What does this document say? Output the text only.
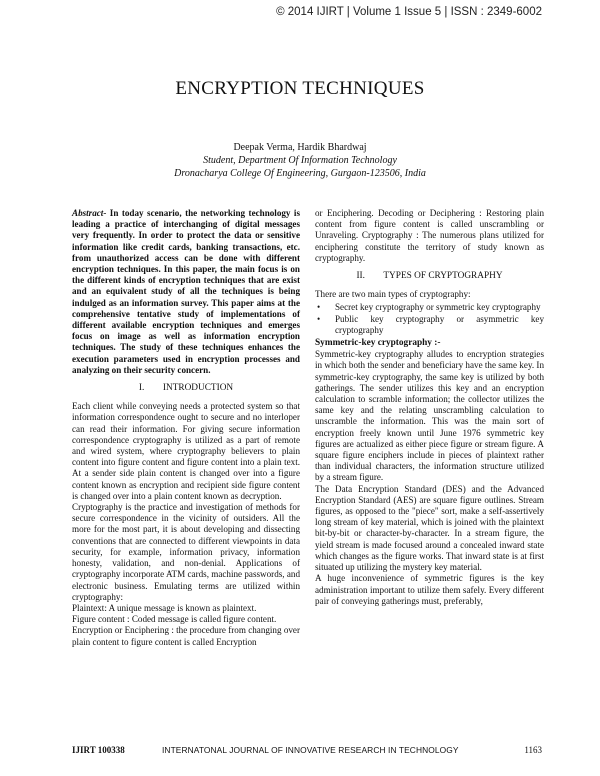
© 2014 IJIRT | Volume 1 Issue 5 | ISSN : 2349-6002
ENCRYPTION TECHNIQUES
Deepak Verma, Hardik Bhardwaj
Student, Department Of Information Technology
Dronacharya College Of Engineering, Gurgaon-123506, India

Abstract- In today scenario, the networking technology is leading a practice of interchanging of digital messages very frequently. In order to protect the data or sensitive information like credit cards, banking transactions, etc. from unauthorized access can be done with different encryption techniques. In this paper, the main focus is on the different kinds of encryption techniques that are exist and an equivalent study of all the techniques is being indulged as an information survey. This paper aims at the comprehensive tentative study of implementations of different available encryption techniques and emerges focus on image as well as information encryption techniques. The study of these techniques enhances the execution parameters used in encryption processes and analyzing on their security concern.

I.        INTRODUCTION

Each client while conveying needs a protected system so that information correspondence ought to secure and no interloper can read their information. For giving secure information correspondence cryptography is utilized as a part of remote and wired system, where cryptography believers to plain content into figure content and figure content into a plain text. At a sender side plain content is changed over into a figure content known as encryption and recipient side figure content is changed over into a plain content known as decryption.

Cryptography is the practice and investigation of methods for secure correspondence in the vicinity of outsiders. All the more for the most part, it is about developing and dissecting conventions that are connected to different viewpoints in data security, for example, information privacy, information honesty, validation, and non-denial. Applications of cryptography incorporate ATM cards, machine passwords, and electronic business. Emulating terms are utilized within cryptography:

Plaintext: A unique message is known as plaintext.

Figure content : Coded message is called figure content.

Encryption or Enciphering : the procedure from changing over plain content to figure content is called Encryption

or Enciphering. Decoding or Deciphering : Restoring plain content from figure content is called unscrambling or Unraveling. Cryptography : The numerous plans utilized for enciphering constitute the territory of study known as cryptography.

II.        TYPES OF CRYPTOGRAPHY

There are two main types of cryptography:

• Secret key cryptography or symmetric key cryptography
• Public key cryptography or asymmetric key cryptography
Symmetric-key cryptography :-

Symmetric-key cryptography alludes to encryption strategies in which both the sender and beneficiary have the same key. In symmetric-key cryptography, the same key is utilized by both gatherings. The sender utilizes this key and an encryption calculation to scramble information; the collector utilizes the same key and the relating unscrambling calculation to unscramble the information. This was the main sort of encryption freely known until June 1976 symmetric key figures are actualized as either piece figure or stream figure. A square figure enciphers include in pieces of plaintext rather than individual characters, the information structure utilized by a stream figure.

The Data Encryption Standard (DES) and the Advanced Encryption Standard (AES) are square figure outlines. Stream figures, as opposed to the "piece" sort, make a self-assertively long stream of key material, which is joined with the plaintext bit-by-bit or character-by-character. In a stream figure, the yield stream is made focused around a concealed inward state which changes as the figure works. That inward state is at first situated up utilizing the mystery key material.

A huge inconvenience of symmetric figures is the key administration important to utilize them safely. Every different pair of conveying gatherings must, preferably,

IJIRT 100338	INTERNATONAL JOURNAL OF INNOVATIVE RESEARCH IN TECHNOLOGY	1163
